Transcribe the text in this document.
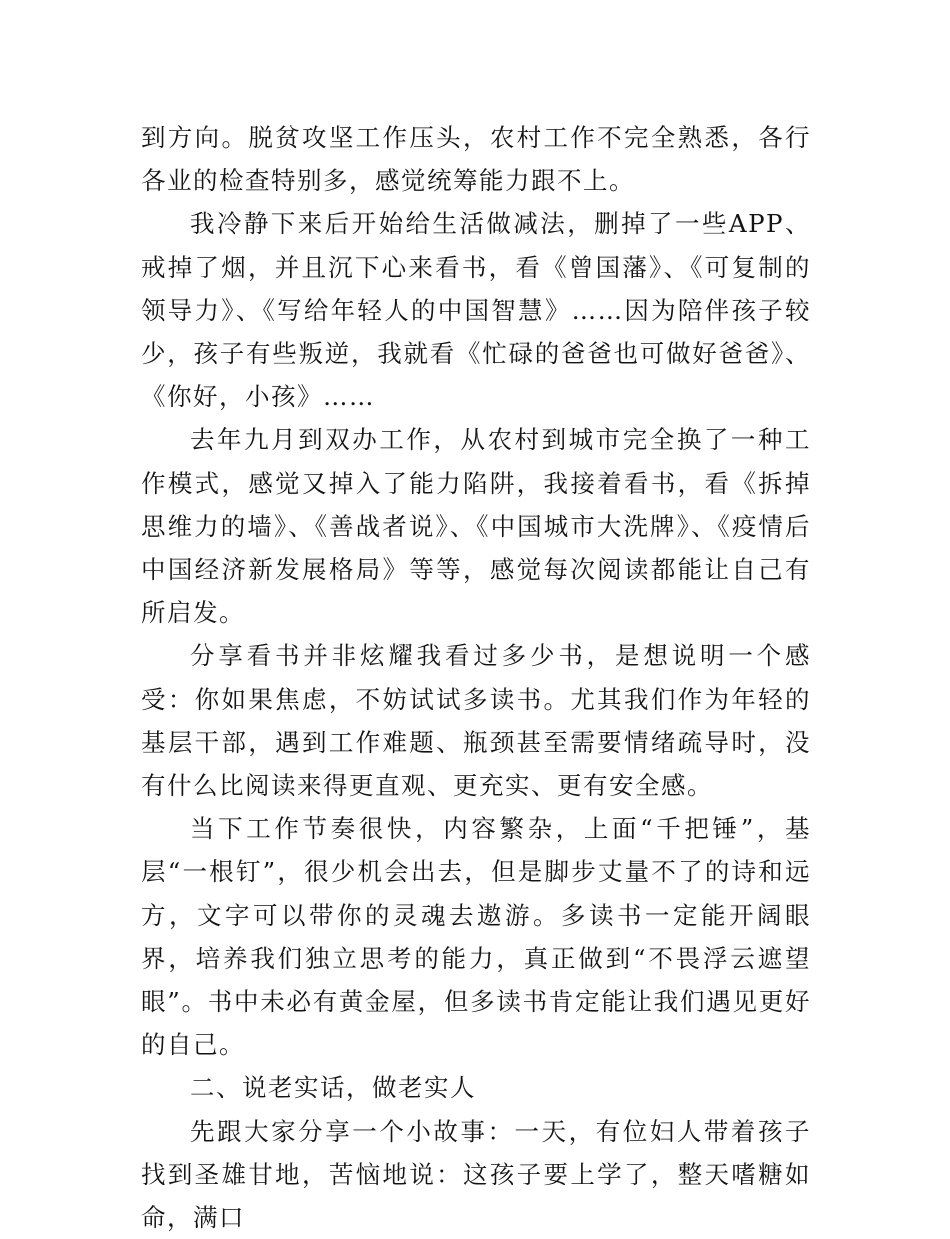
到方向。脱贫攻坚工作压头，农村工作不完全熟悉，各行各业的检查特别多，感觉统筹能力跟不上。

我冷静下来后开始给生活做减法，删掉了一些APP、戒掉了烟，并且沉下心来看书，看《曾国藩》、《可复制的领导力》、《写给年轻人的中国智慧》……因为陪伴孩子较少，孩子有些叛逆，我就看《忙碌的爸爸也可做好爸爸》、《你好，小孩》……

去年九月到双办工作，从农村到城市完全换了一种工作模式，感觉又掉入了能力陷阱，我接着看书，看《拆掉思维力的墙》、《善战者说》、《中国城市大洗牌》、《疫情后中国经济新发展格局》等等，感觉每次阅读都能让自己有所启发。

分享看书并非炫耀我看过多少书，是想说明一个感受：你如果焦虑，不妨试试多读书。尤其我们作为年轻的基层干部，遇到工作难题、瓶颈甚至需要情绪疏导时，没有什么比阅读来得更直观、更充实、更有安全感。

当下工作节奏很快，内容繁杂，上面“千把锤”，基层“一根钉”，很少机会出去，但是脚步丈量不了的诗和远方，文字可以带你的灵魂去遨游。多读书一定能开阔眼界，培养我们独立思考的能力，真正做到“不畏浮云遮望眼”。书中未必有黄金屋，但多读书肯定能让我们遇见更好的自己。

二、说老实话，做老实人

先跟大家分享一个小故事：一天，有位妇人带着孩子找到圣雄甘地，苦恼地说：这孩子要上学了，整天嗜糖如命，满口
